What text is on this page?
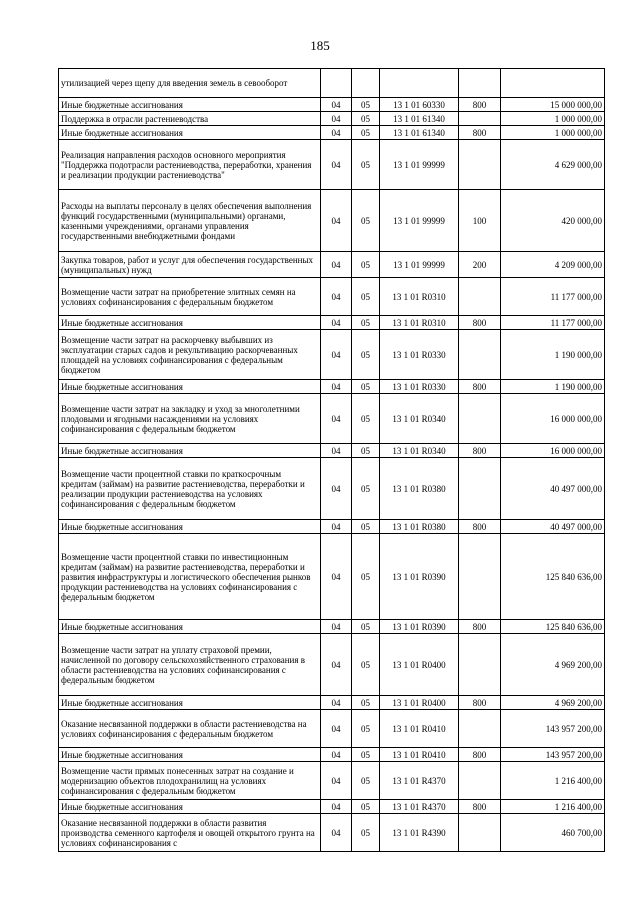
185
утилизацией через щепу для введения земель в севооборот					
Иные бюджетные ассигнования	04	05	13 1 01 60330	800	15 000 000,00
Поддержка в отрасли растениеводства	04	05	13 1 01 61340		1 000 000,00
Иные бюджетные ассигнования	04	05	13 1 01 61340	800	1 000 000,00
Реализация направления расходов основного мероприятия "Поддержка подотрасли растениеводства, переработки, хранения и реализации продукции растениеводства"	04	05	13 1 01 99999		4 629 000,00
Расходы на выплаты персоналу в целях обеспечения выполнения функций государственными (муниципальными) органами, казенными учреждениями, органами управления государственными внебюджетными фондами	04	05	13 1 01 99999	100	420 000,00
Закупка товаров, работ и услуг для обеспечения государственных (муниципальных) нужд	04	05	13 1 01 99999	200	4 209 000,00
Возмещение части затрат на приобретение элитных семян на условиях софинансирования с федеральным бюджетом	04	05	13 1 01 R0310		11 177 000,00
Иные бюджетные ассигнования	04	05	13 1 01 R0310	800	11 177 000,00
Возмещение части затрат на раскорчевку выбывших из эксплуатации старых садов и рекультивацию раскорчеванных площадей на условиях софинансирования с федеральным бюджетом	04	05	13 1 01 R0330		1 190 000,00
Иные бюджетные ассигнования	04	05	13 1 01 R0330	800	1 190 000,00
Возмещение части затрат на закладку и уход за многолетними плодовыми и ягодными насаждениями на условиях софинансирования с федеральным бюджетом	04	05	13 1 01 R0340		16 000 000,00
Иные бюджетные ассигнования	04	05	13 1 01 R0340	800	16 000 000,00
Возмещение части процентной ставки по краткосрочным кредитам (займам) на развитие растениеводства, переработки и реализации продукции растениеводства на условиях софинансирования с федеральным бюджетом	04	05	13 1 01 R0380		40 497 000,00
Иные бюджетные ассигнования	04	05	13 1 01 R0380	800	40 497 000,00
Возмещение части процентной ставки по инвестиционным кредитам (займам) на развитие растениеводства, переработки и развития инфраструктуры и логистического обеспечения рынков продукции растениеводства на условиях софинансирования с федеральным бюджетом	04	05	13 1 01 R0390		125 840 636,00
Иные бюджетные ассигнования	04	05	13 1 01 R0390	800	125 840 636,00
Возмещение части затрат на уплату страховой премии, начисленной по договору сельскохозяйственного страхования в области растениеводства на условиях софинансирования с федеральным бюджетом	04	05	13 1 01 R0400		4 969 200,00
Иные бюджетные ассигнования	04	05	13 1 01 R0400	800	4 969 200,00
Оказание несвязанной поддержки в области растениеводства на условиях софинансирования с федеральным бюджетом	04	05	13 1 01 R0410		143 957 200,00
Иные бюджетные ассигнования	04	05	13 1 01 R0410	800	143 957 200,00
Возмещение части прямых понесенных затрат на создание и модернизацию объектов плодохранилищ на условиях софинансирования с федеральным бюджетом	04	05	13 1 01 R4370		1 216 400,00
Иные бюджетные ассигнования	04	05	13 1 01 R4370	800	1 216 400,00
Оказание несвязанной поддержки в области развития производства семенного картофеля и овощей открытого грунта на условиях софинансирования с	04	05	13 1 01 R4390		460 700,00
